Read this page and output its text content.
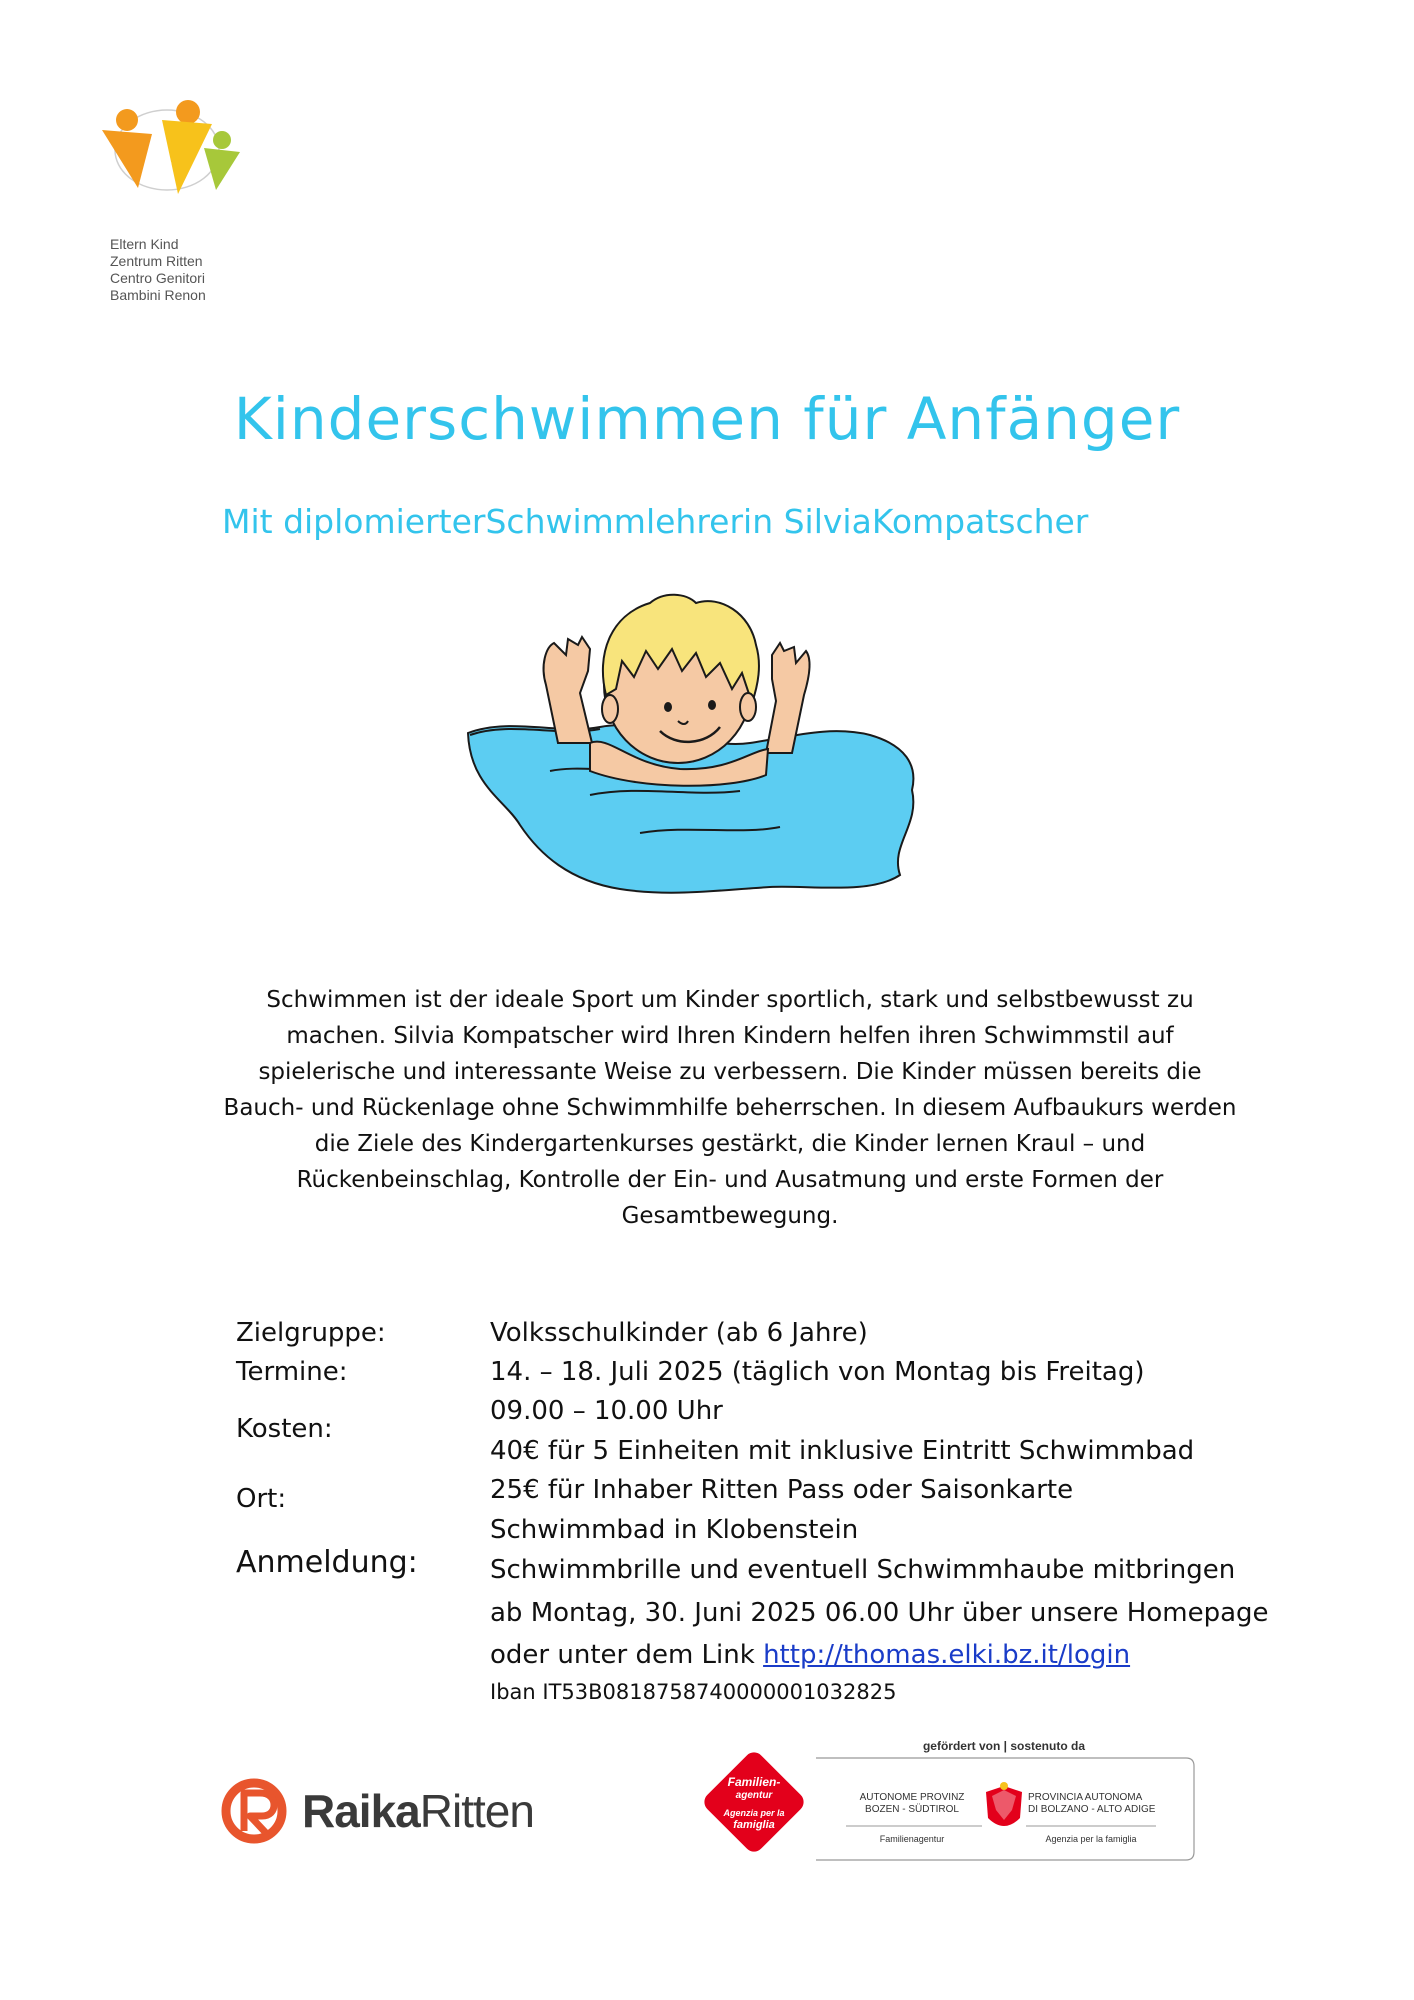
elki
Eltern Kind
Zentrum Ritten
Centro Genitori
Bambini Renon
Kinderschwimmen für Anfänger
Mit diplomierterSchwimmlehrerin SilviaKompatscher
Schwimmen ist der ideale Sport um Kinder sportlich, stark und selbstbewusst zu
machen. Silvia Kompatscher wird Ihren Kindern helfen ihren Schwimmstil auf
spielerische und interessante Weise zu verbessern. Die Kinder müssen bereits die
Bauch- und Rückenlage ohne Schwimmhilfe beherrschen. In diesem Aufbaukurs werden
die Ziele des Kindergartenkurses gestärkt, die Kinder lernen Kraul – und
Rückenbeinschlag, Kontrolle der Ein- und Ausatmung und erste Formen der
Gesamtbewegung.
Zielgruppe:
Termine:
Kosten:
Ort:
Anmeldung:
Volksschulkinder (ab 6 Jahre)
14. – 18. Juli 2025 (täglich von Montag bis Freitag)
09.00 – 10.00 Uhr
40€ für 5 Einheiten mit inklusive Eintritt Schwimmbad
25€ für Inhaber Ritten Pass oder Saisonkarte
Schwimmbad in Klobenstein
Schwimmbrille und eventuell Schwimmhaube mitbringen
ab Montag, 30. Juni 2025 06.00 Uhr über unsere Homepage
oder unter dem Link http://thomas.elki.bz.it/login
Iban IT53B0818758740000001032825
RaikaRitten
gefördert von | sostenuto da
Familien-
agentur
Agenzia per la
famiglia
AUTONOME PROVINZ
BOZEN - SÜDTIROL
Familienagentur
PROVINCIA AUTONOMA
DI BOLZANO - ALTO ADIGE
Agenzia per la famiglia
